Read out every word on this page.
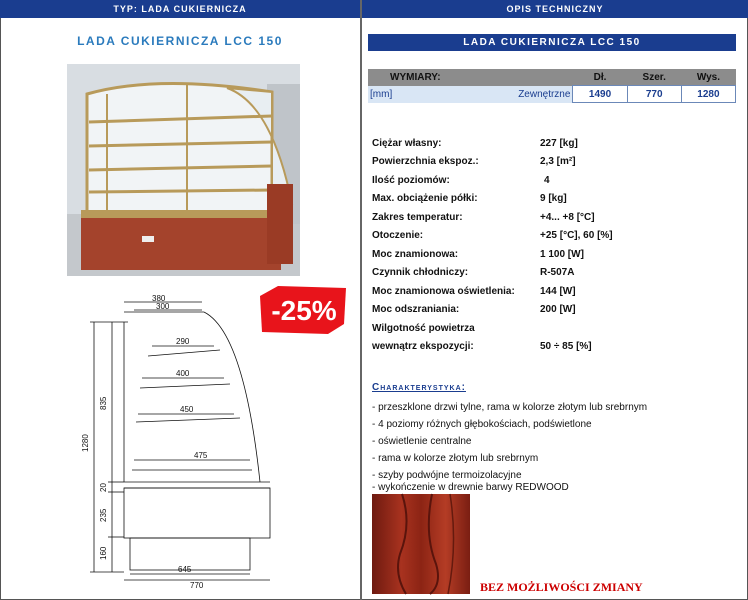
TYP: LADA CUKIERNICZA	OPIS TECHNICZNY
LADA CUKIERNICZA LCC 150
380
300
290
400
450
475
1280
835
20
235
160
645
770
-25%
LADA CUKIERNICZA LCC 150
WYMIARY:		Dł.	Szer.	Wys.
[mm]	Zewnętrzne	1490	770	1280
Ciężar własny:	227 [kg]
Powierzchnia ekspoz.:	2,3 [m²]
Ilość poziomów:	4
Max. obciążenie półki:	9 [kg]
Zakres temperatur:	+4... +8 [°C]
Otoczenie:	+25 [°C], 60 [%]
Moc znamionowa:	1 100 [W]
Czynnik chłodniczy:	R-507A
Moc znamionowa oświetlenia:	144 [W]
Moc odszraniania:	200 [W]
Wilgotność powietrza
wewnątrz ekspozycji:	50 ÷ 85 [%]
Charakterystyka:
- przeszklone drzwi tylne, rama w kolorze złotym lub srebrnym
- 4 poziomy różnych głębokościach, podświetlone
- oświetlenie centralne
- rama w kolorze złotym lub srebrnym
- szyby podwójne termoizolacyjne
- wykończenie w drewnie barwy REDWOOD
BEZ MOŻLIWOŚCI ZMIANY
